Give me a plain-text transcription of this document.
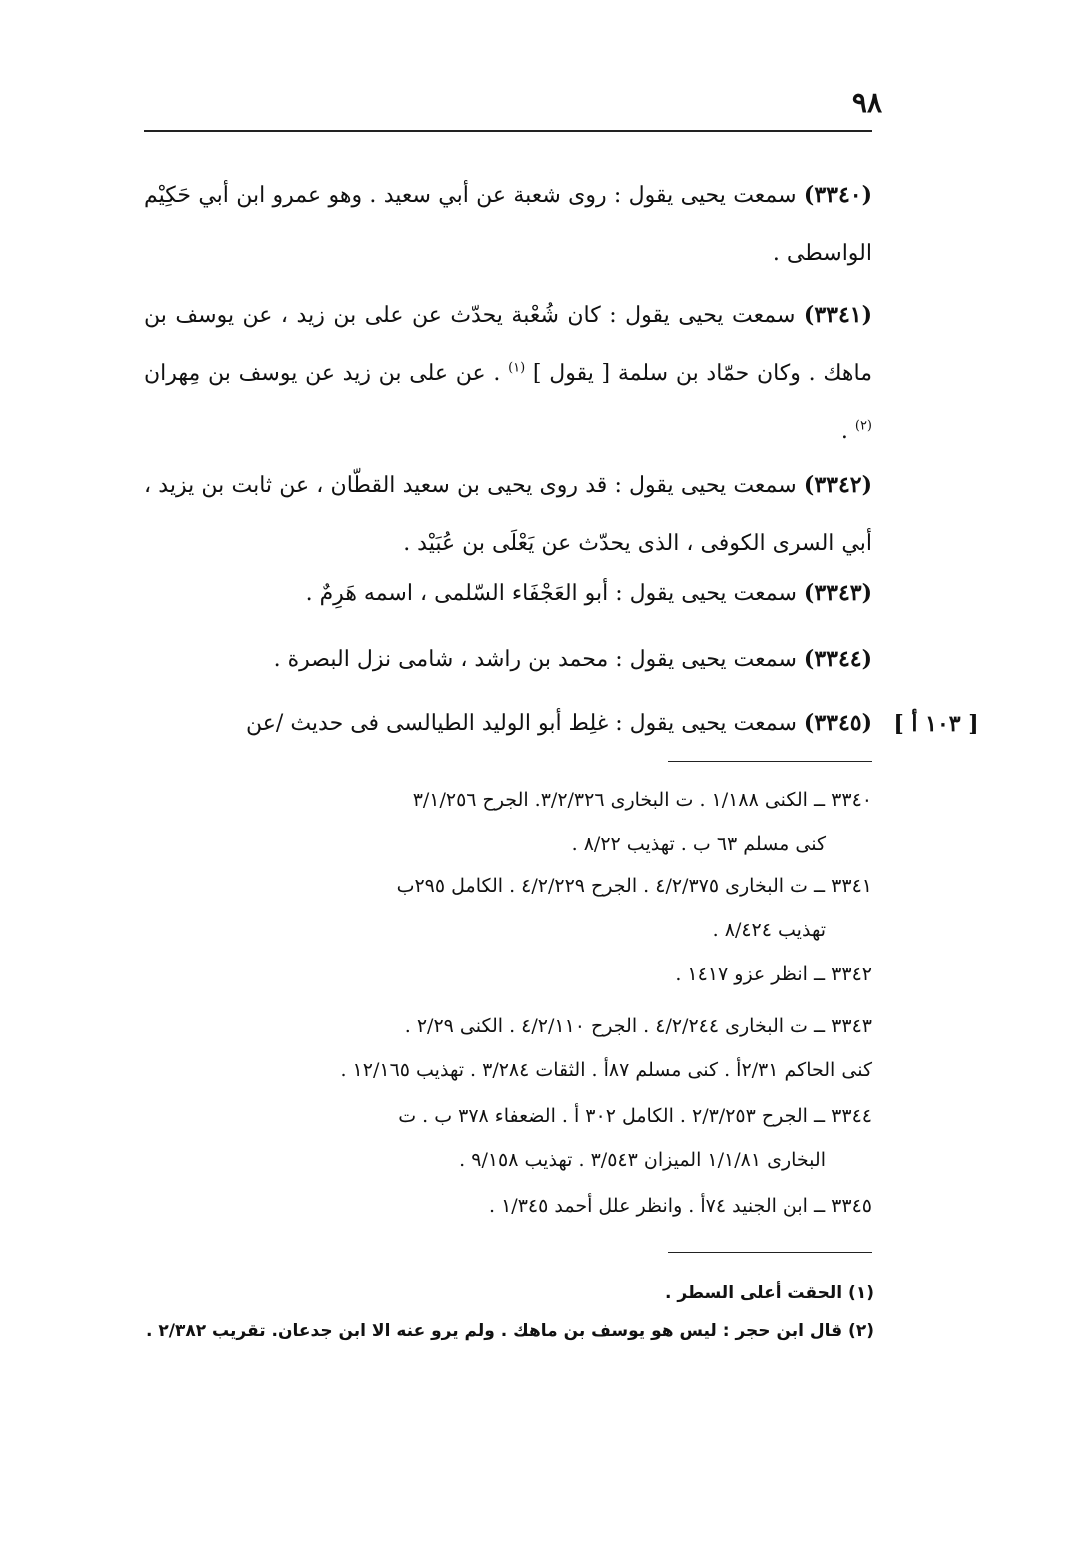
٩٨
(٣٣٤٠) سمعت يحيى يقول : روى شعبة عن أبي سعيد . وهو عمرو ابن أبي حَكِيْم الواسطى .
(٣٣٤١) سمعت يحيى يقول : كان شُعْبة يحدّث عن على بن زيد ، عن يوسف بن ماهك . وكان حمّاد بن سلمة [ يقول ] $^{(١)}$ . عن على بن زيد عن يوسف بن مِهران $^{(٢)}$ .
(٣٣٤٢) سمعت يحيى يقول : قد روى يحيى بن سعيد القطّان ، عن ثابت بن يزيد ، أبي السرى الكوفى ، الذى يحدّث عن يَعْلَى بن عُبَيْد .
(٣٣٤٣) سمعت يحيى يقول : أبو العَجْفَاء السّلمى ، اسمه هَرِمٌ .
(٣٣٤٤) سمعت يحيى يقول : محمد بن راشد ، شامى نزل البصرة .
(٣٣٤٥) سمعت يحيى يقول : غلِط أبو الوليد الطيالسى فى حديث /عن	[ ١٠٣ أ ]
٣٣٤٠ ــ الكنى ١/١٨٨ . ت البخارى ٣/٢/٣٢٦. الجرح ٣/١/٢٥٦
كنى مسلم ٦٣ ب . تهذيب ٨/٢٢ .
٣٣٤١ ــ ت البخارى ٤/٢/٣٧٥ . الجرح ٤/٢/٢٢٩ . الكامل ٢٩٥ب
تهذيب ٨/٤٢٤ .
٣٣٤٢ ــ انظر عزو ١٤١٧ .
٣٣٤٣ ــ ت البخارى ٤/٢/٢٤٤ . الجرح ٤/٢/١١٠ . الكنى ٢/٢٩ .
كنى الحاكم ٢/٣١أ . كنى مسلم ٨٧أ . الثقات ٣/٢٨٤ . تهذيب ١٢/١٦٥ .
٣٣٤٤ ــ الجرح ٢/٣/٢٥٣ . الكامل ٣٠٢ أ . الضعفاء ٣٧٨ ب . ت
البخارى ١/١/٨١ الميزان ٣/٥٤٣ . تهذيب ٩/١٥٨ .
٣٣٤٥ ــ ابن الجنيد ٧٤أ . وانظر علل أحمد ١/٣٤٥ .
(١) الحقت أعلى السطر .
(٢) قال ابن حجر : ليس هو يوسف بن ماهك . ولم يرو عنه الا ابن جدعان. تقريب ٢/٣٨٢ .
